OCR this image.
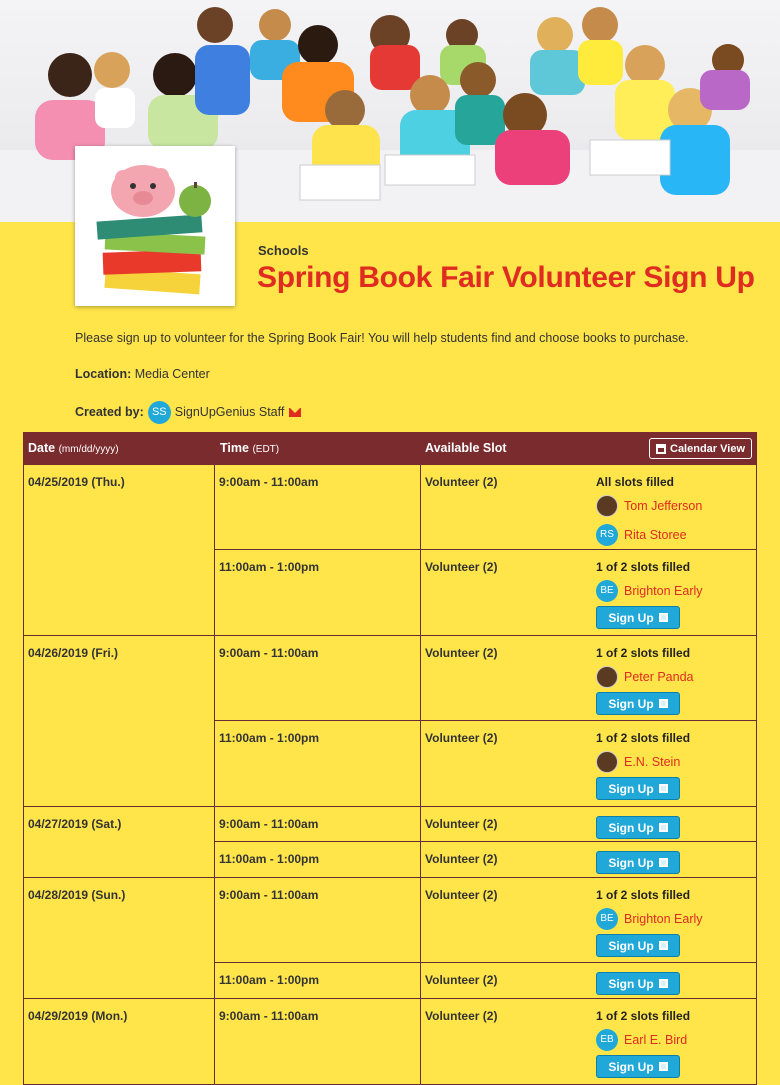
Schools
Spring Book Fair Volunteer Sign Up
Please sign up to volunteer for the Spring Book Fair! You will help students find and choose books to purchase.
Location: Media Center
Created by: SS SignUpGenius Staff
Date (mm/dd/yyyy)	Time (EDT)	Available Slot	Calendar View
04/25/2019 (Thu.)	9:00am - 11:00am	Volunteer (2)	All slots filled
Tom Jefferson
RS Rita Storee
11:00am - 1:00pm	Volunteer (2)	1 of 2 slots filled
BE Brighton Early
Sign Up
04/26/2019 (Fri.)	9:00am - 11:00am	Volunteer (2)	1 of 2 slots filled
Peter Panda
Sign Up
11:00am - 1:00pm	Volunteer (2)	1 of 2 slots filled
E.N. Stein
Sign Up
04/27/2019 (Sat.)	9:00am - 11:00am	Volunteer (2)	Sign Up
11:00am - 1:00pm	Volunteer (2)	Sign Up
04/28/2019 (Sun.)	9:00am - 11:00am	Volunteer (2)	1 of 2 slots filled
BE Brighton Early
Sign Up
11:00am - 1:00pm	Volunteer (2)	Sign Up
04/29/2019 (Mon.)	9:00am - 11:00am	Volunteer (2)	1 of 2 slots filled
EB Earl E. Bird
Sign Up
